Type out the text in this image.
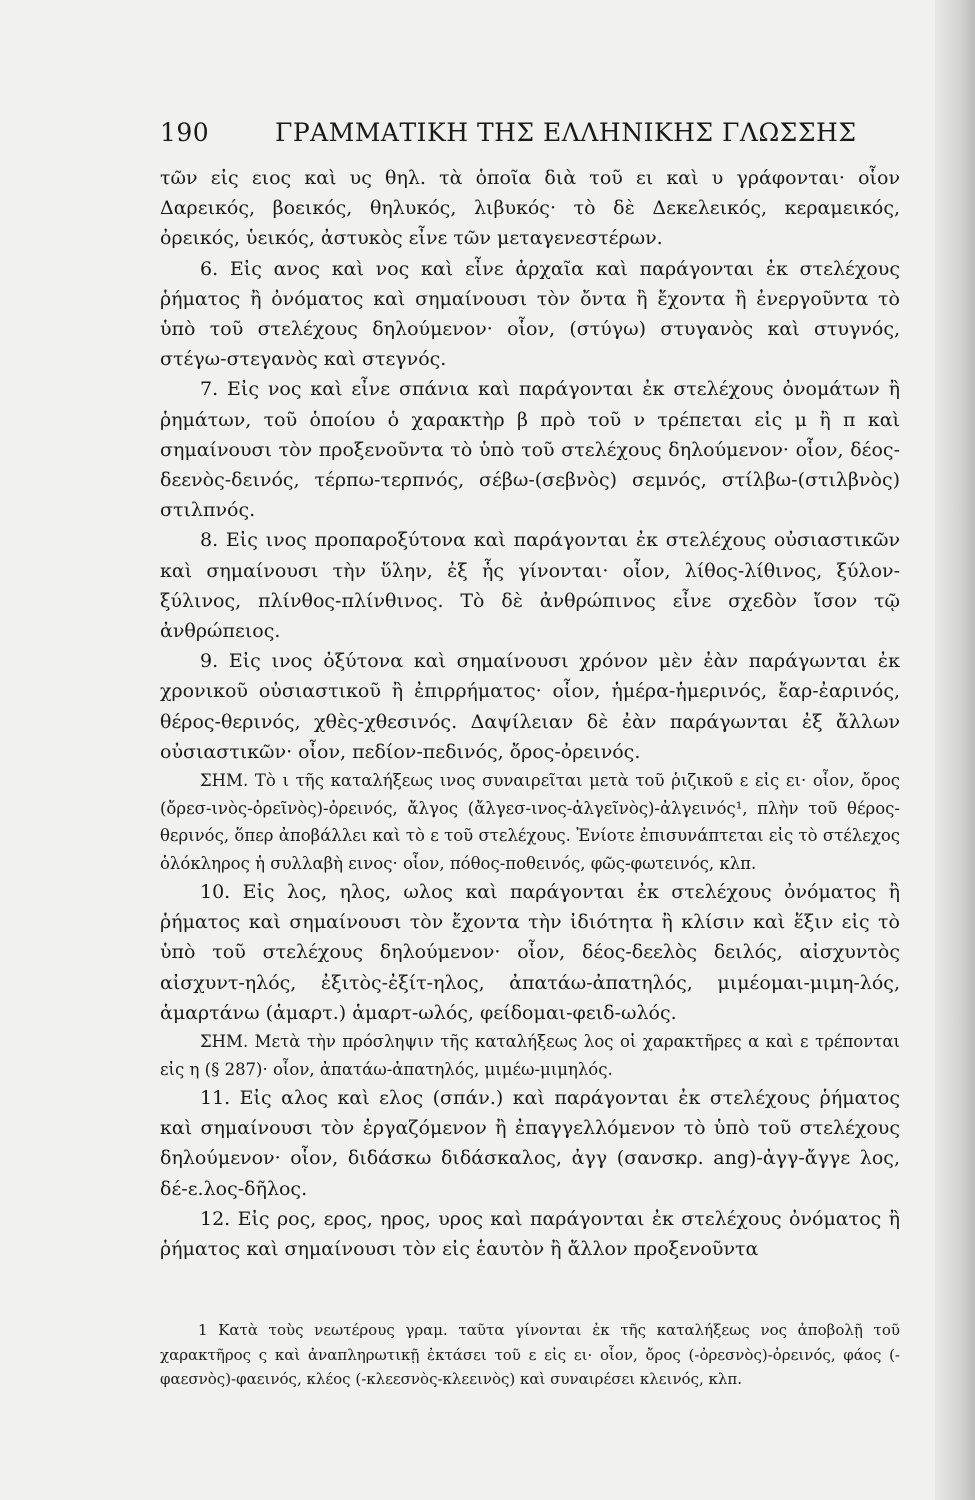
190	ΓΡΑΜΜΑΤΙΚΗ ΤΗΣ ΕΛΛΗΝΙΚΗΣ ΓΛΩΣΣΗΣ

τῶν εἰς ειος καὶ υς θηλ. τὰ ὁποῖα διὰ τοῦ ει καὶ υ γράφονται· οἷον Δαρεικός, βοεικός, θηλυκός, λιβυκός· τὸ δὲ Δεκελεικός, κεραμεικός, ὀρεικός, ὑεικός, ἀστυκὸς εἶνε τῶν μεταγενεστέρων.

6. Εἰς ανος καὶ νος καὶ εἶνε ἀρχαῖα καὶ παράγονται ἐκ στελέχους ῥήματος ἢ ὀνόματος καὶ σημαίνουσι τὸν ὄντα ἢ ἔχοντα ἢ ἐνεργοῦντα τὸ ὑπὸ τοῦ στελέχους δηλούμενον· οἷον, (στύγω) στυγανὸς καὶ στυγνός, στέγω-στεγανὸς καὶ στεγνός.

7. Εἰς νος καὶ εἶνε σπάνια καὶ παράγονται ἐκ στελέχους ὀνομάτων ἢ ῥημάτων, τοῦ ὁποίου ὁ χαρακτὴρ β πρὸ τοῦ ν τρέπεται εἰς μ ἢ π καὶ σημαίνουσι τὸν προξενοῦντα τὸ ὑπὸ τοῦ στελέχους δηλούμενον· οἷον, δέος-δεενὸς-δεινός, τέρπω-τερπνός, σέβω-(σεβνὸς) σεμνός, στίλβω-(στιλβνὸς) στιλπνός.

8. Εἰς ινος προπαροξύτονα καὶ παράγονται ἐκ στελέχους οὐσιαστικῶν καὶ σημαίνουσι τὴν ὕλην, ἐξ ἧς γίνονται· οἷον, λίθος-λίθινος, ξύλον-ξύλινος, πλίνθος-πλίνθινος. Τὸ δὲ ἀνθρώπινος εἶνε σχεδὸν ἴσον τῷ ἀνθρώπειος.

9. Εἰς ινος ὀξύτονα καὶ σημαίνουσι χρόνον μὲν ἐὰν παράγωνται ἐκ χρονικοῦ οὐσιαστικοῦ ἢ ἐπιρρήματος· οἷον, ἡμέρα-ἡμερινός, ἔαρ-ἐαρινός, θέρος-θερινός, χθὲς-χθεσινός. Δαψίλειαν δὲ ἐὰν παράγωνται ἐξ ἄλλων οὐσιαστικῶν· οἷον, πεδίον-πεδινός, ὄρος-ὀρεινός.

ΣΗΜ. Τὸ ι τῆς καταλήξεως ινος συναιρεῖται μετὰ τοῦ ῥιζικοῦ ε εἰς ει· οἷον, ὄρος (ὄρεσ-ινὸς-ὀρεῖνὸς)-ὀρεινός, ἄλγος (ἄλγεσ-ινος-ἀλγεῖνὸς)-ἀλγεινός¹, πλὴν τοῦ θέρος-θερινός, ὅπερ ἀποβάλλει καὶ τὸ ε τοῦ στελέχους. Ἐνίοτε ἐπισυνάπτεται εἰς τὸ στέλεχος ὁλόκληρος ἡ συλλαβὴ εινος· οἷον, πόθος-ποθεινός, φῶς-φωτεινός, κλπ.

10. Εἰς λος, ηλος, ωλος καὶ παράγονται ἐκ στελέχους ὀνόματος ἢ ῥήματος καὶ σημαίνουσι τὸν ἔχοντα τὴν ἰδιότητα ἢ κλίσιν καὶ ἕξιν εἰς τὸ ὑπὸ τοῦ στελέχους δηλούμενον· οἷον, δέος-δεελὸς δειλός, αἰσχυντὸς αἰσχυντ-ηλός, ἐξιτὸς-ἐξίτ-ηλος, ἀπατάω-ἀπατηλός, μιμέομαι-μιμη-λός, ἁμαρτάνω (ἁμαρτ.) ἁμαρτ-ωλός, φείδομαι-φειδ-ωλός.

ΣΗΜ. Μετὰ τὴν πρόσληψιν τῆς καταλήξεως λος οἱ χαρακτῆρες α καὶ ε τρέπονται εἰς η (§ 287)· οἷον, ἀπατάω-ἀπατηλός, μιμέω-μιμηλός.

11. Εἰς αλος καὶ ελος (σπάν.) καὶ παράγονται ἐκ στελέχους ῥήματος καὶ σημαίνουσι τὸν ἐργαζόμενον ἢ ἐπαγγελλόμενον τὸ ὑπὸ τοῦ στελέχους δηλούμενον· οἷον, διδάσκω διδάσκαλος, ἀγγ (σανσκρ. ang)-ἀγγ-ἄγγε λος, δέ-ε.λος-δῆλος.

12. Εἰς ρος, ερος, ηρος, υρος καὶ παράγονται ἐκ στελέχους ὀνόματος ἢ ῥήματος καὶ σημαίνουσι τὸν εἰς ἑαυτὸν ἢ ἄλλον προξενοῦντα

1 Κατὰ τοὺς νεωτέρους γραμ. ταῦτα γίνονται ἐκ τῆς καταλήξεως νος ἀποβολῇ τοῦ χαρακτῆρος ς καὶ ἀναπληρωτικῇ ἐκτάσει τοῦ ε εἰς ει· οἷον, ὄρος (-ὀρεσνὸς)-ὀρεινός, φάος (-φαεσνὸς)-φαεινός, κλέος (-κλεεσνὸς-κλεεινὸς) καὶ συναιρέσει κλεινός, κλπ.
